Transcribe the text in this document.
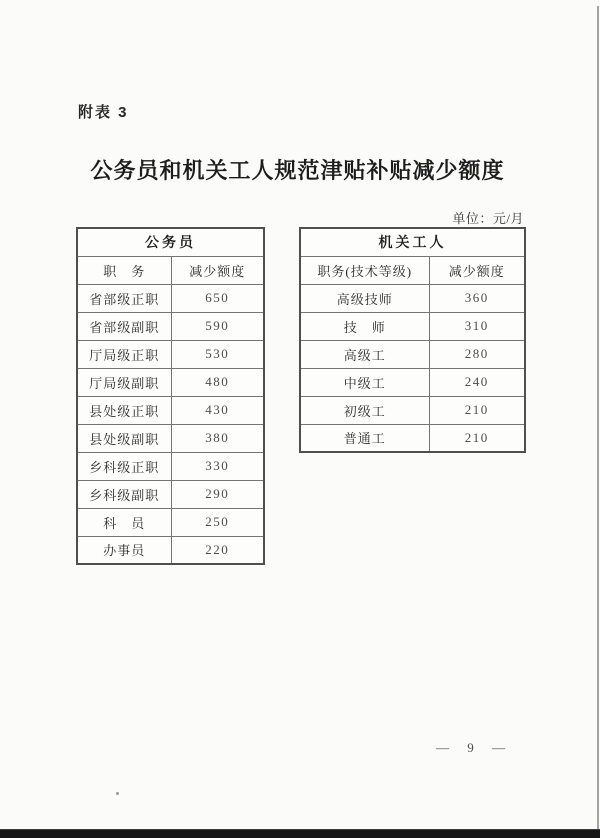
附表 3
公务员和机关工人规范津贴补贴减少额度
单位：元/月
公务员	
职　务	减少额度
省部级正职	650
省部级副职	590
厅局级正职	530
厅局级副职	480
县处级正职	430
县处级副职	380
乡科级正职	330
乡科级副职	290
科　员	250
办事员	220
机关工人	
职务(技术等级)	减少额度
高级技师	360
技　师	310
高级工	280
中级工	240
初级工	210
普通工	210
— 9 —
